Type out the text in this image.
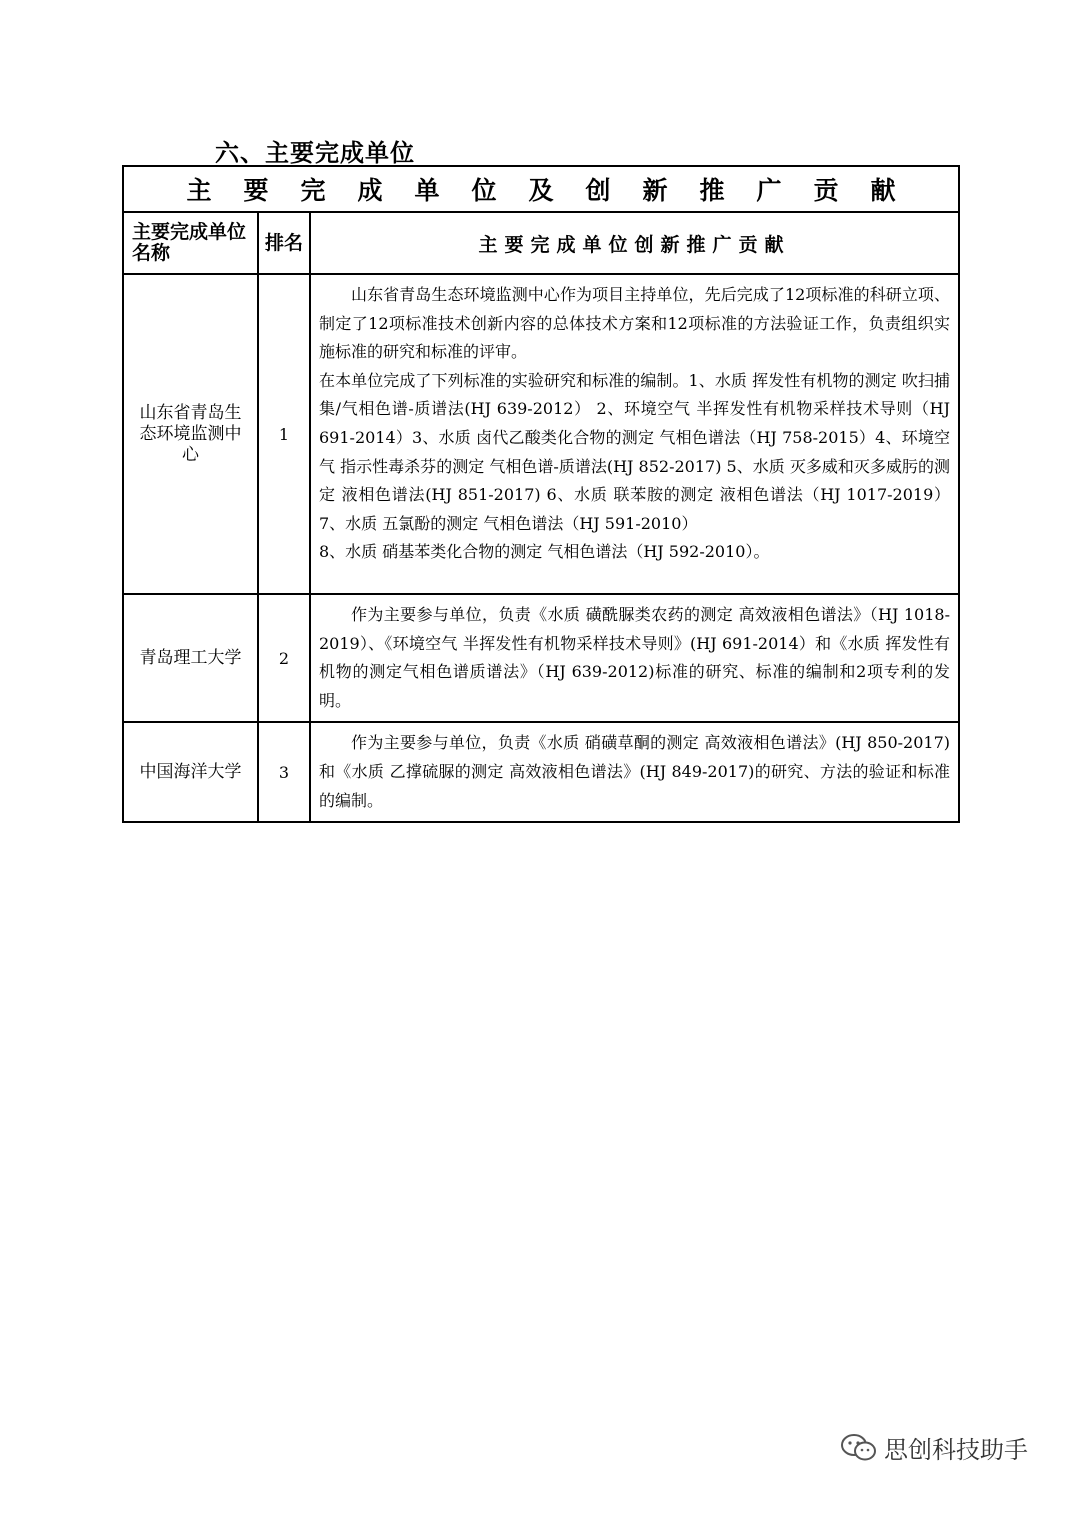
六、主要完成单位
主要完成单位及创新推广贡献		
主要完成单位名称	排名	主要完成单位创新推广贡献
山东省青岛生态环境监测中心	1	山东省青岛生态环境监测中心作为项目主持单位，先后完成了12项标准的科研立项、制定了12项标准技术创新内容的总体技术方案和12项标准的方法验证工作，负责组织实施标准的研究和标准的评审。

在本单位完成了下列标准的实验研究和标准的编制。1、水质 挥发性有机物的测定 吹扫捕集/气相色谱-质谱法(HJ 639-2012） 2、环境空气 半挥发性有机物采样技术导则（HJ 691-2014）3、水质 卤代乙酸类化合物的测定 气相色谱法（HJ 758-2015）4、环境空气 指示性毒杀芬的测定 气相色谱-质谱法(HJ 852-2017) 5、水质 灭多威和灭多威肟的测定 液相色谱法(HJ 851-2017) 6、水质 联苯胺的测定 液相色谱法（HJ 1017-2019）7、水质 五氯酚的测定 气相色谱法（HJ 591-2010）

8、水质 硝基苯类化合物的测定 气相色谱法（HJ 592-2010）。

青岛理工大学	2	作为主要参与单位，负责《水质 磺酰脲类农药的测定 高效液相色谱法》（HJ 1018-2019）、《环境空气 半挥发性有机物采样技术导则》(HJ 691-2014）和《水质 挥发性有机物的测定气相色谱质谱法》（HJ 639-2012)标准的研究、标准的编制和2项专利的发明。

中国海洋大学	3	作为主要参与单位，负责《水质 硝磺草酮的测定 高效液相色谱法》(HJ 850-2017)和《水质 乙撑硫脲的测定 高效液相色谱法》(HJ 849-2017)的研究、方法的验证和标准的编制。

思创科技助手
